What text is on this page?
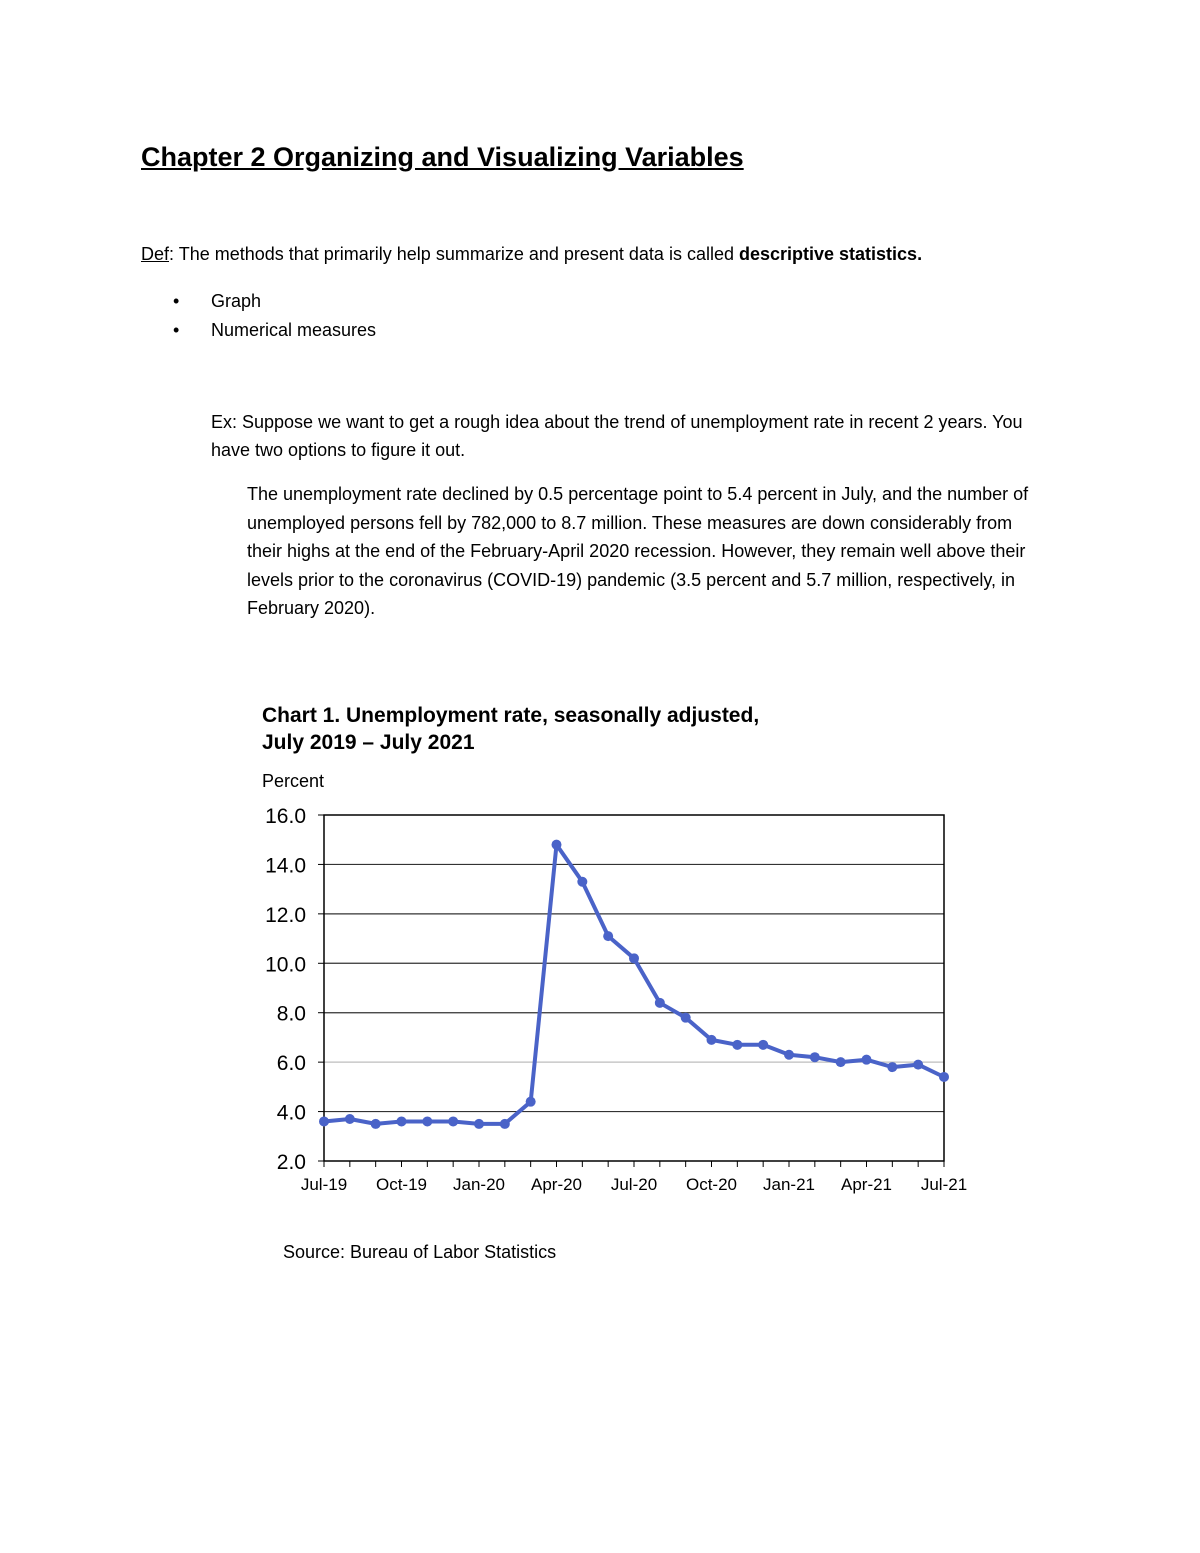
Chapter 2 Organizing and Visualizing Variables

Def: The methods that primarily help summarize and present data is called descriptive statistics.

• Graph
• Numerical measures

Ex: Suppose we want to get a rough idea about the trend of unemployment rate in recent 2 years. You have two options to figure it out.

The unemployment rate declined by 0.5 percentage point to 5.4 percent in July, and the number of unemployed persons fell by 782,000 to 8.7 million. These measures are down considerably from their highs at the end of the February-April 2020 recession. However, they remain well above their levels prior to the coronavirus (COVID-19) pandemic (3.5 percent and 5.7 million, respectively, in February 2020).

Chart 1. Unemployment rate, seasonally adjusted,
July 2019 – July 2021
Percent
16.0
14.0
12.0
10.0
8.0
6.0
4.0
2.0
Jul-19 Oct-19 Jan-20 Apr-20 Jul-20 Oct-20 Jan-21 Apr-21 Jul-21

Source: Bureau of Labor Statistics
